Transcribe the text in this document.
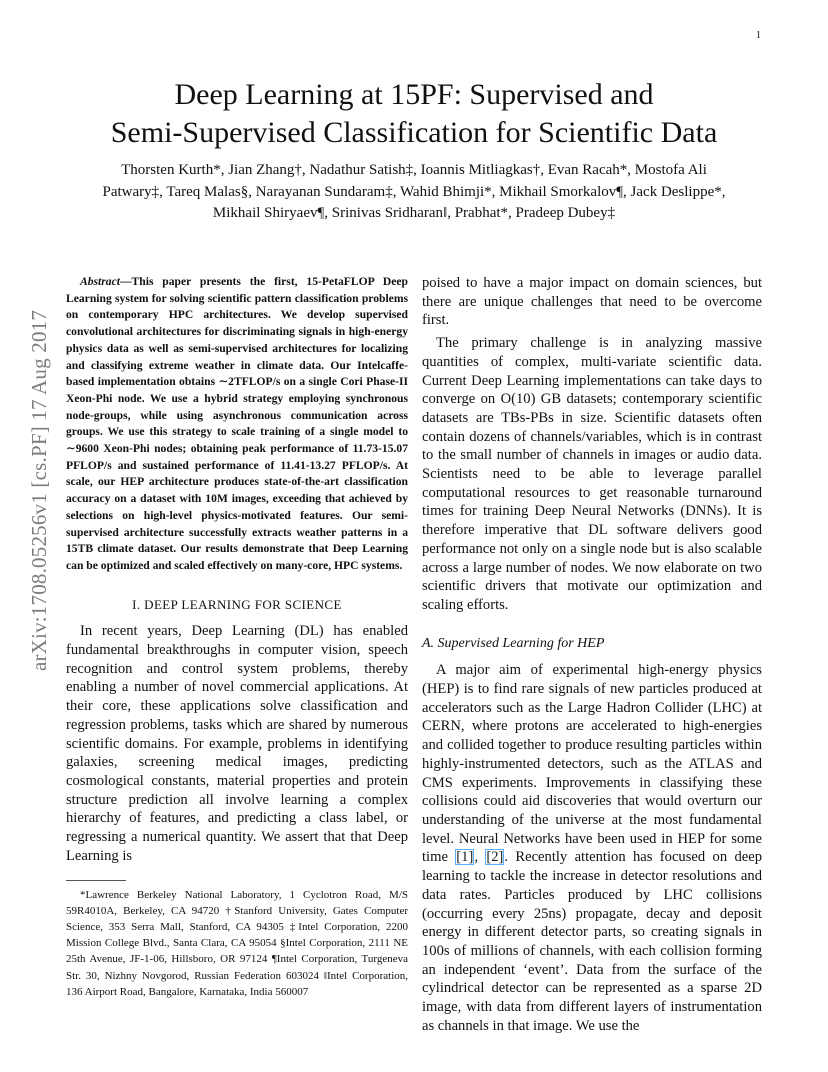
1
arXiv:1708.05256v1 [cs.PF] 17 Aug 2017
Deep Learning at 15PF: Supervised and
Semi-Supervised Classification for Scientific Data
Thorsten Kurth*, Jian Zhang†, Nadathur Satish‡, Ioannis Mitliagkas†, Evan Racah*, Mostofa Ali
Patwary‡, Tareq Malas§, Narayanan Sundaram‡, Wahid Bhimji*, Mikhail Smorkalov¶, Jack Deslippe*,
Mikhail Shiryaev¶, Srinivas Sridharan‖, Prabhat*, Pradeep Dubey‡

Abstract—This paper presents the first, 15-PetaFLOP Deep Learning system for solving scientific pattern classification problems on contemporary HPC architectures. We develop supervised convolutional architectures for discriminating signals in high-energy physics data as well as semi-supervised architectures for localizing and classifying extreme weather in climate data. Our Intelcaffe-based implementation obtains ∼2TFLOP/s on a single Cori Phase-II Xeon-Phi node. We use a hybrid strategy employing synchronous node-groups, while using asynchronous communication across groups. We use this strategy to scale training of a single model to ∼9600 Xeon-Phi nodes; obtaining peak performance of 11.73-15.07 PFLOP/s and sustained performance of 11.41-13.27 PFLOP/s. At scale, our HEP architecture produces state-of-the-art classification accuracy on a dataset with 10M images, exceeding that achieved by selections on high-level physics-motivated features. Our semi-supervised architecture successfully extracts weather patterns in a 15TB climate dataset. Our results demonstrate that Deep Learning can be optimized and scaled effectively on many-core, HPC systems.

I. DEEP LEARNING FOR SCIENCE

In recent years, Deep Learning (DL) has enabled fundamental breakthroughs in computer vision, speech recognition and control system problems, thereby enabling a number of novel commercial applications. At their core, these applications solve classification and regression problems, tasks which are shared by numerous scientific domains. For example, problems in identifying galaxies, screening medical images, predicting cosmological constants, material properties and protein structure prediction all involve learning a complex hierarchy of features, and predicting a class label, or regressing a numerical quantity. We assert that that Deep Learning is

*Lawrence Berkeley National Laboratory, 1 Cyclotron Road, M/S 59R4010A, Berkeley, CA 94720 †Stanford University, Gates Computer Science, 353 Serra Mall, Stanford, CA 94305 ‡Intel Corporation, 2200 Mission College Blvd., Santa Clara, CA 95054 §Intel Corporation, 2111 NE 25th Avenue, JF-1-06, Hillsboro, OR 97124 ¶Intel Corporation, Turgeneva Str. 30, Nizhny Novgorod, Russian Federation 603024 ‖Intel Corporation, 136 Airport Road, Bangalore, Karnataka, India 560007

poised to have a major impact on domain sciences, but there are unique challenges that need to be overcome first.

The primary challenge is in analyzing massive quantities of complex, multi-variate scientific data. Current Deep Learning implementations can take days to converge on O(10) GB datasets; contemporary scientific datasets are TBs-PBs in size. Scientific datasets often contain dozens of channels/variables, which is in contrast to the small number of channels in images or audio data. Scientists need to be able to leverage parallel computational resources to get reasonable turnaround times for training Deep Neural Networks (DNNs). It is therefore imperative that DL software delivers good performance not only on a single node but is also scalable across a large number of nodes. We now elaborate on two scientific drivers that motivate our optimization and scaling efforts.

A. Supervised Learning for HEP

A major aim of experimental high-energy physics (HEP) is to find rare signals of new particles produced at accelerators such as the Large Hadron Collider (LHC) at CERN, where protons are accelerated to high-energies and collided together to produce resulting particles within highly-instrumented detectors, such as the ATLAS and CMS experiments. Improvements in classifying these collisions could aid discoveries that would overturn our understanding of the universe at the most fundamental level. Neural Networks have been used in HEP for some time [1], [2]. Recently attention has focused on deep learning to tackle the increase in detector resolutions and data rates. Particles produced by LHC collisions (occurring every 25ns) propagate, decay and deposit energy in different detector parts, so creating signals in 100s of millions of channels, with each collision forming an independent ‘event’. Data from the surface of the cylindrical detector can be represented as a sparse 2D image, with data from different layers of instrumentation as channels in that image. We use the
